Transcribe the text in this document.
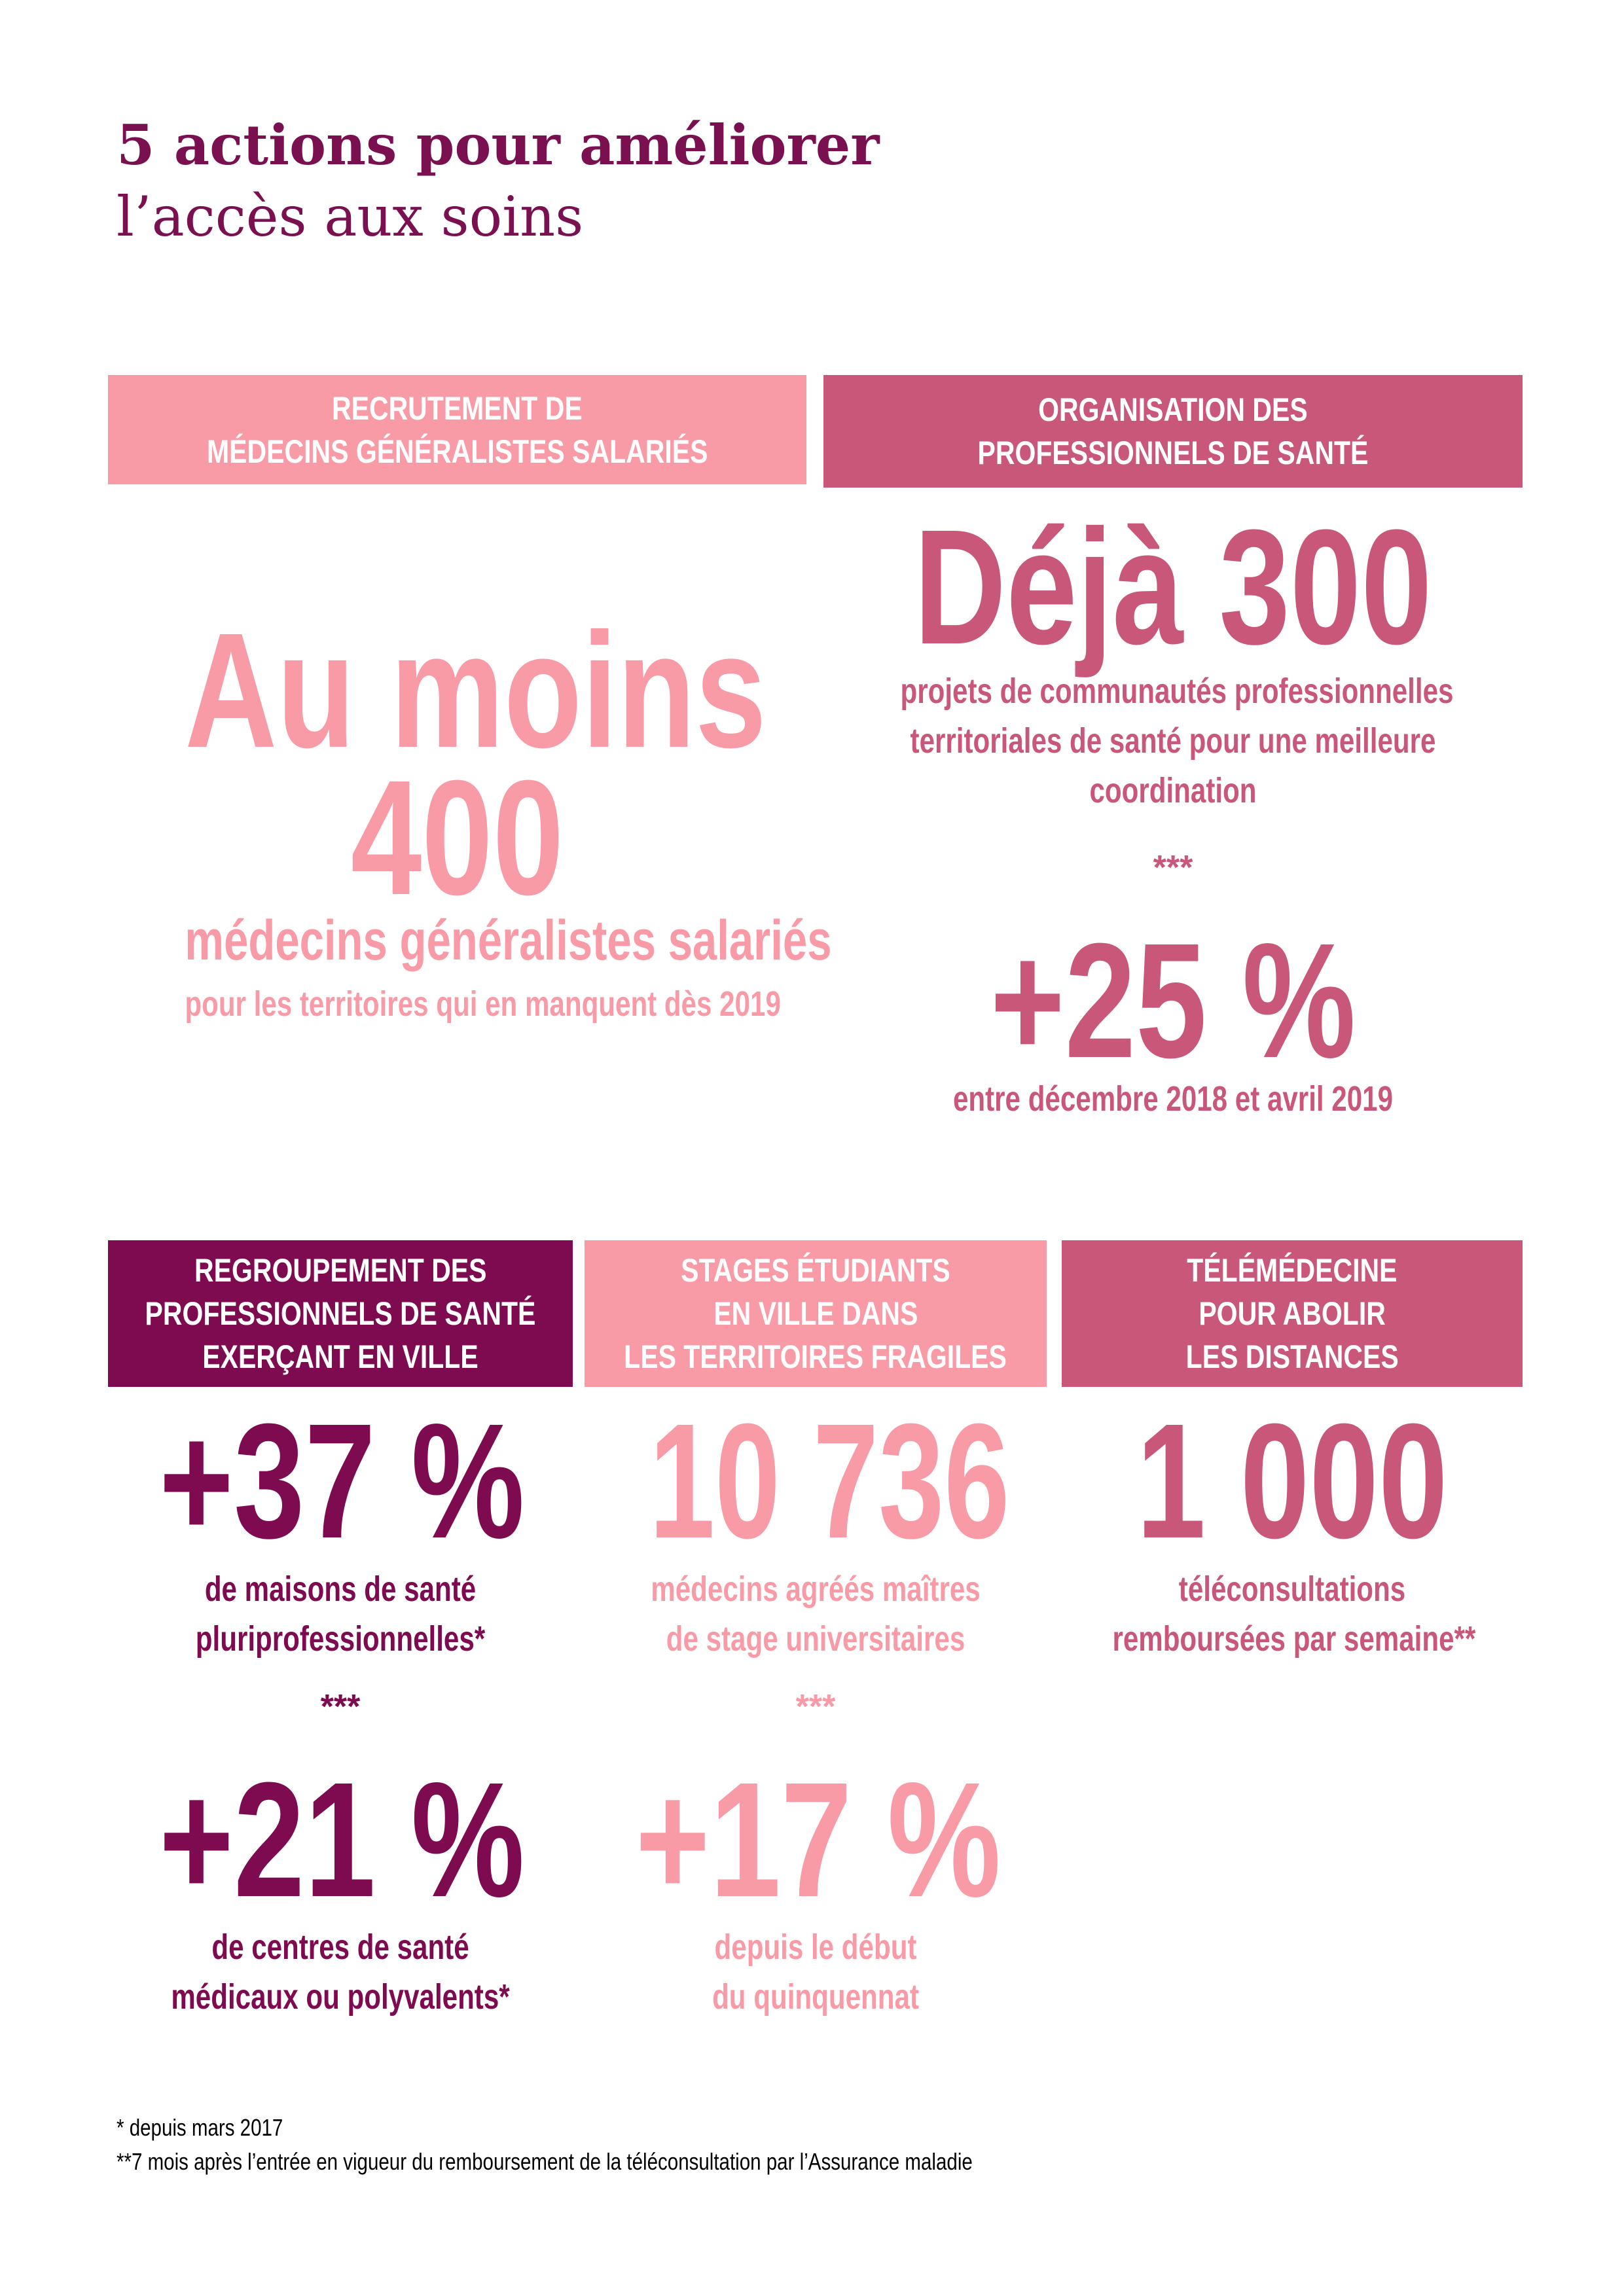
5 actions pour améliorer
l’accès aux soins
RECRUTEMENT DE
MÉDECINS GÉNÉRALISTES SALARIÉS
Au moins
400
médecins généralistes salariés
pour les territoires qui en manquent dès 2019
ORGANISATION DES
PROFESSIONNELS DE SANTÉ
Déjà 300
projets de communautés professionnelles
territoriales de santé pour une meilleure
coordination
***
+25 %
entre décembre 2018 et avril 2019
REGROUPEMENT DES
PROFESSIONNELS DE SANTÉ
EXERÇANT EN VILLE
+37 %
de maisons de santé
pluriprofessionnelles*
***
+21 %
de centres de santé
médicaux ou polyvalents*
STAGES ÉTUDIANTS
EN VILLE DANS
LES TERRITOIRES FRAGILES
10 736
médecins agréés maîtres
de stage universitaires
***
+17 %
depuis le début
du quinquennat
TÉLÉMÉDECINE
POUR ABOLIR
LES DISTANCES
1 000
téléconsultations
remboursées par semaine**
* depuis mars 2017
**7 mois après l’entrée en vigueur du remboursement de la téléconsultation par l’Assurance maladie
